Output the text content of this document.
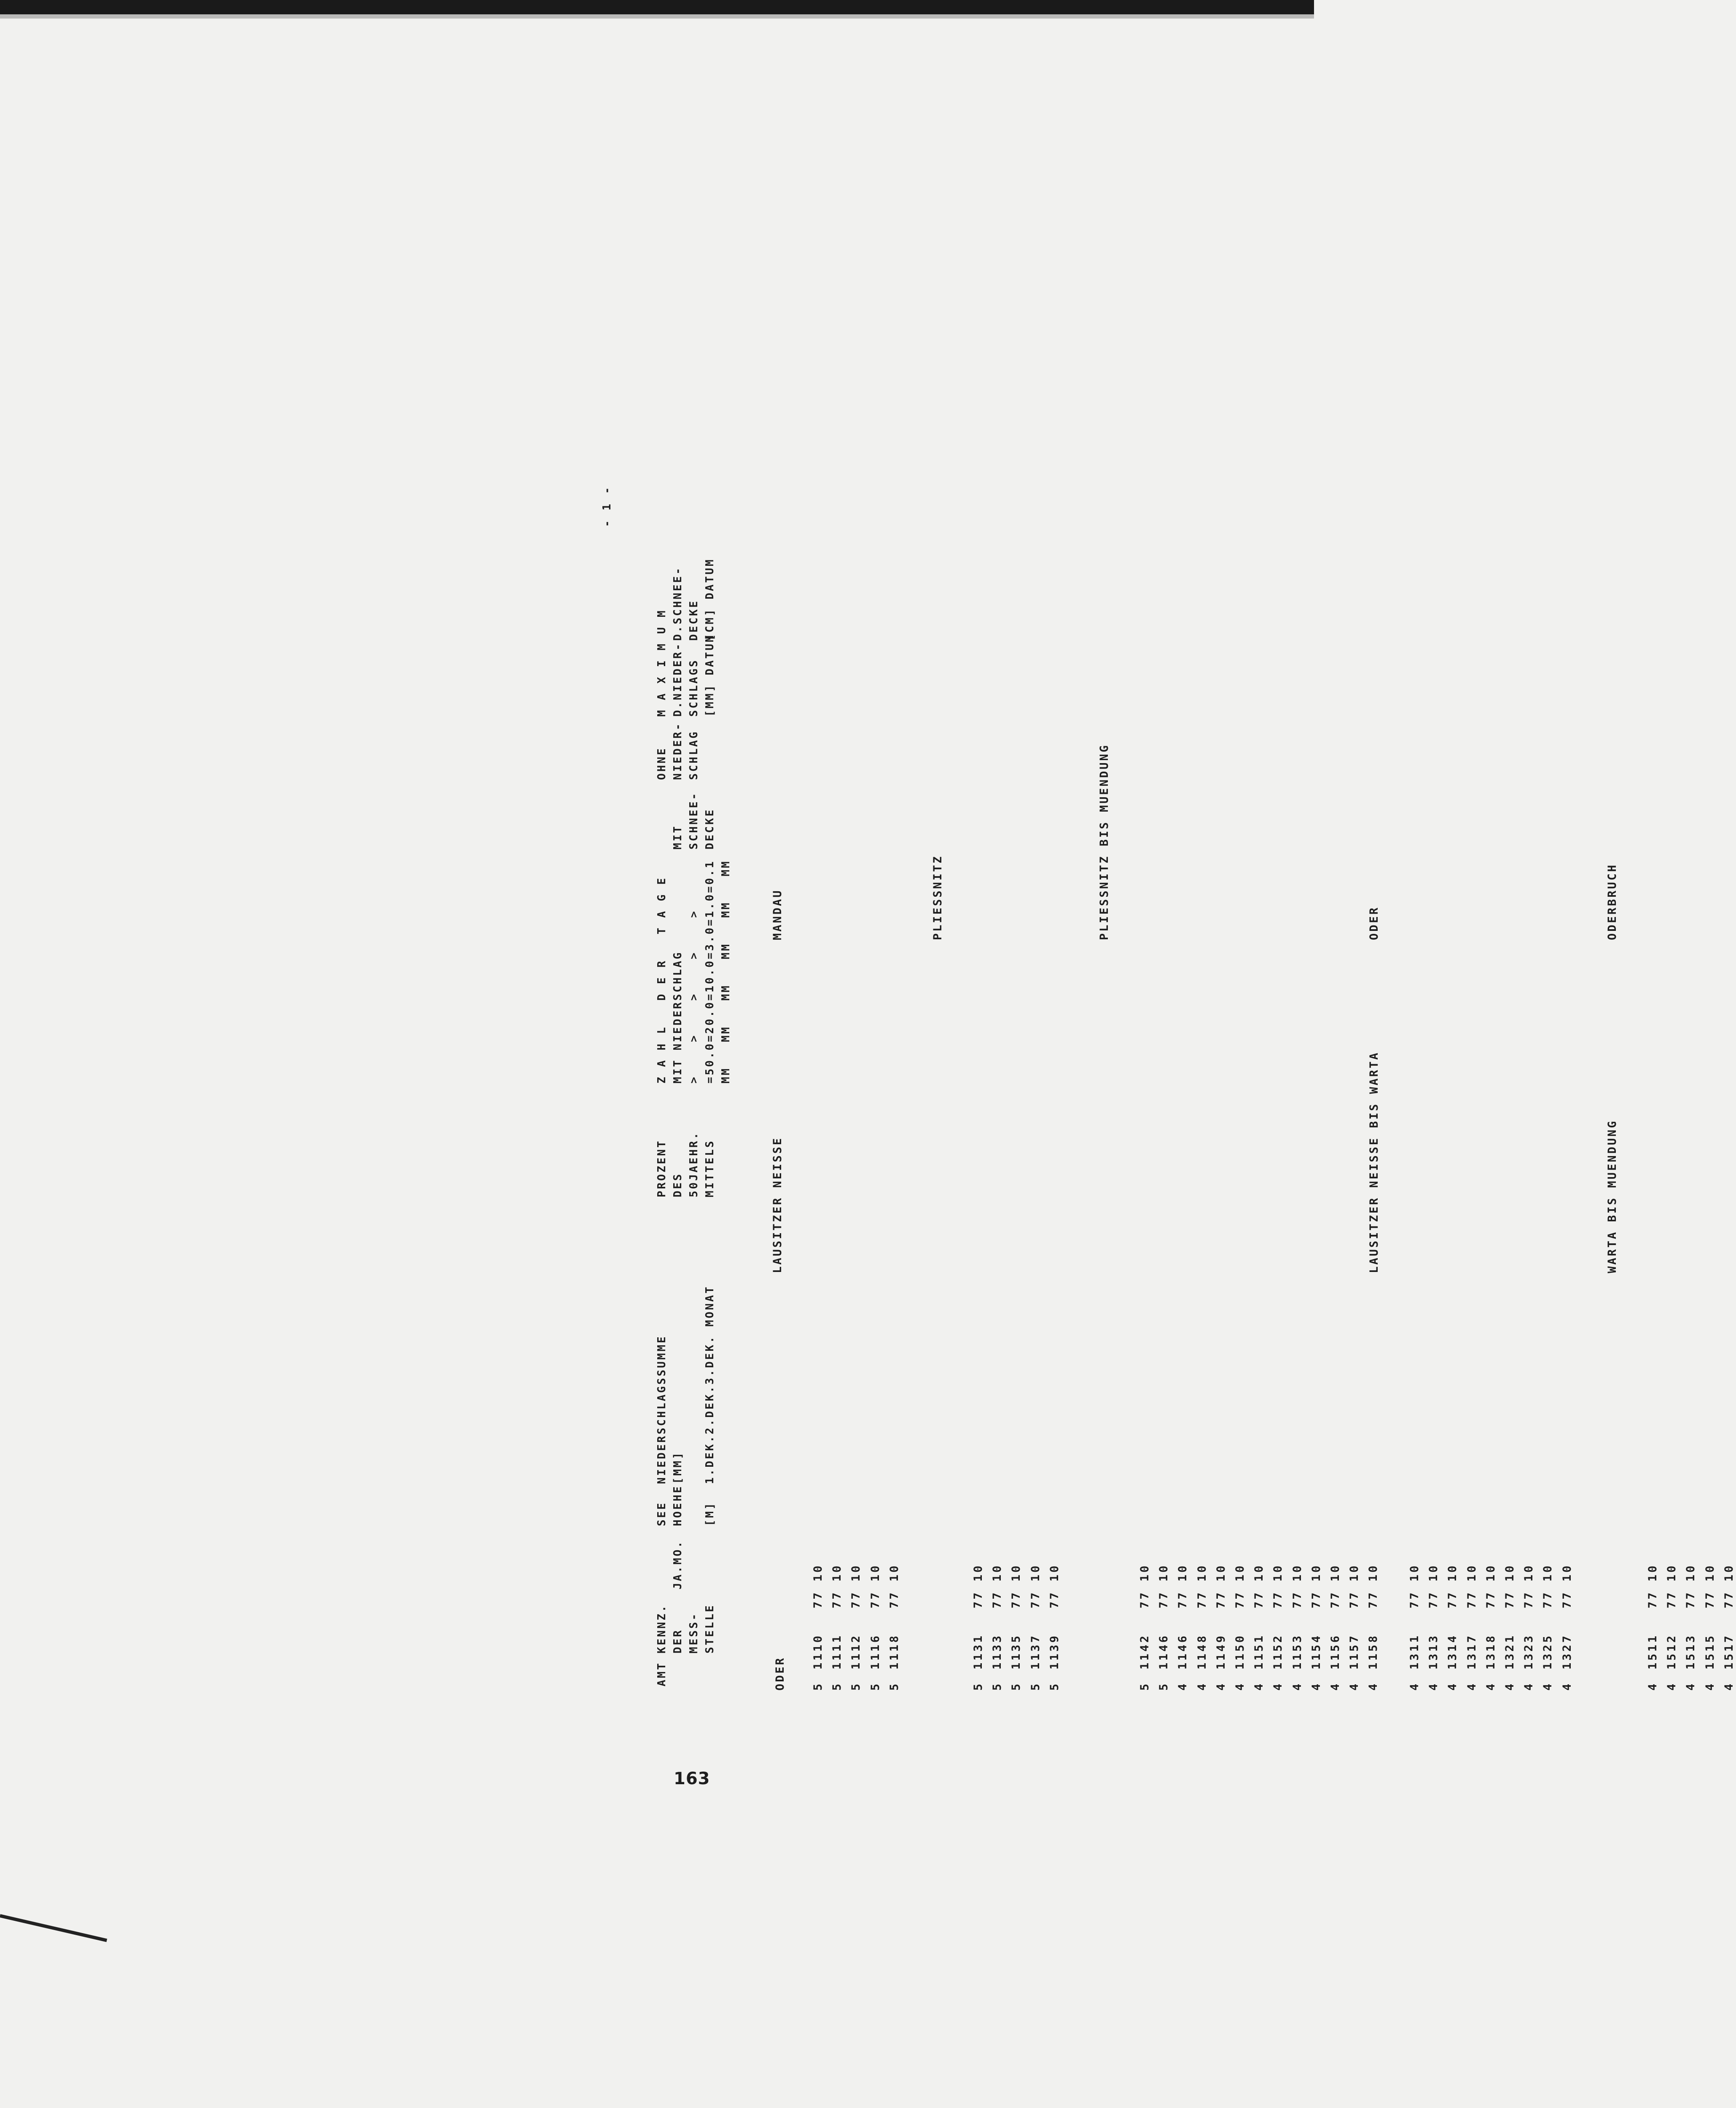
AMT
KENNZ. DER MESS- STELLE
JA.MO.
SEE HOEHE [M]
NIEDERSCHLAGSSUMME [MM] 1.DEK.2.DEK.3.DEK. MONAT
PROZENT DES 50JAEHR. MITTELS
Z A H L   D E R   T A G E MIT NIEDERSCHLAG >    >    >    >    > =50.0=20.0=10.0=3.0=1.0=0.1 MM   MM   MM   MM   MM   MM
MIT SCHNEE- DECKE
OHNE NIEDER- SCHLAG
M A X I M U M D.NIEDER- SCHLAGS [MM] DATUM
D.SCHNEE- DECKE [CM] DATUM
ODER
LAUSITZER NEISSE
MANDAU
5
1110
77 10
5
1111
77 10
5
1112
77 10
5
1116
77 10
5
1118
77 10
PLIESSNITZ
5
1131
77 10
5
1133
77 10
5
1135
77 10
5
1137
77 10
5
1139
77 10
PLIESSNITZ BIS MUENDUNG
5
1142
77 10
5
1146
77 10
4
1146
77 10
4
1148
77 10
4
1149
77 10
4
1150
77 10
4
1151
77 10
4
1152
77 10
4
1153
77 10
4
1154
77 10
4
1156
77 10
4
1157
77 10
4
1158
77 10
LAUSITZER NEISSE BIS WARTA
ODER
4
1311
77 10
4
1313
77 10
4
1314
77 10
4
1317
77 10
4
1318
77 10
4
1321
77 10
4
1323
77 10
4
1325
77 10
4
1327
77 10
WARTA BIS MUENDUNG
ODERBRUCH
4
1511
77 10
4
1512
77 10
4
1513
77 10
4
1515
77 10
4
1517
77 10
- 1 -
163
